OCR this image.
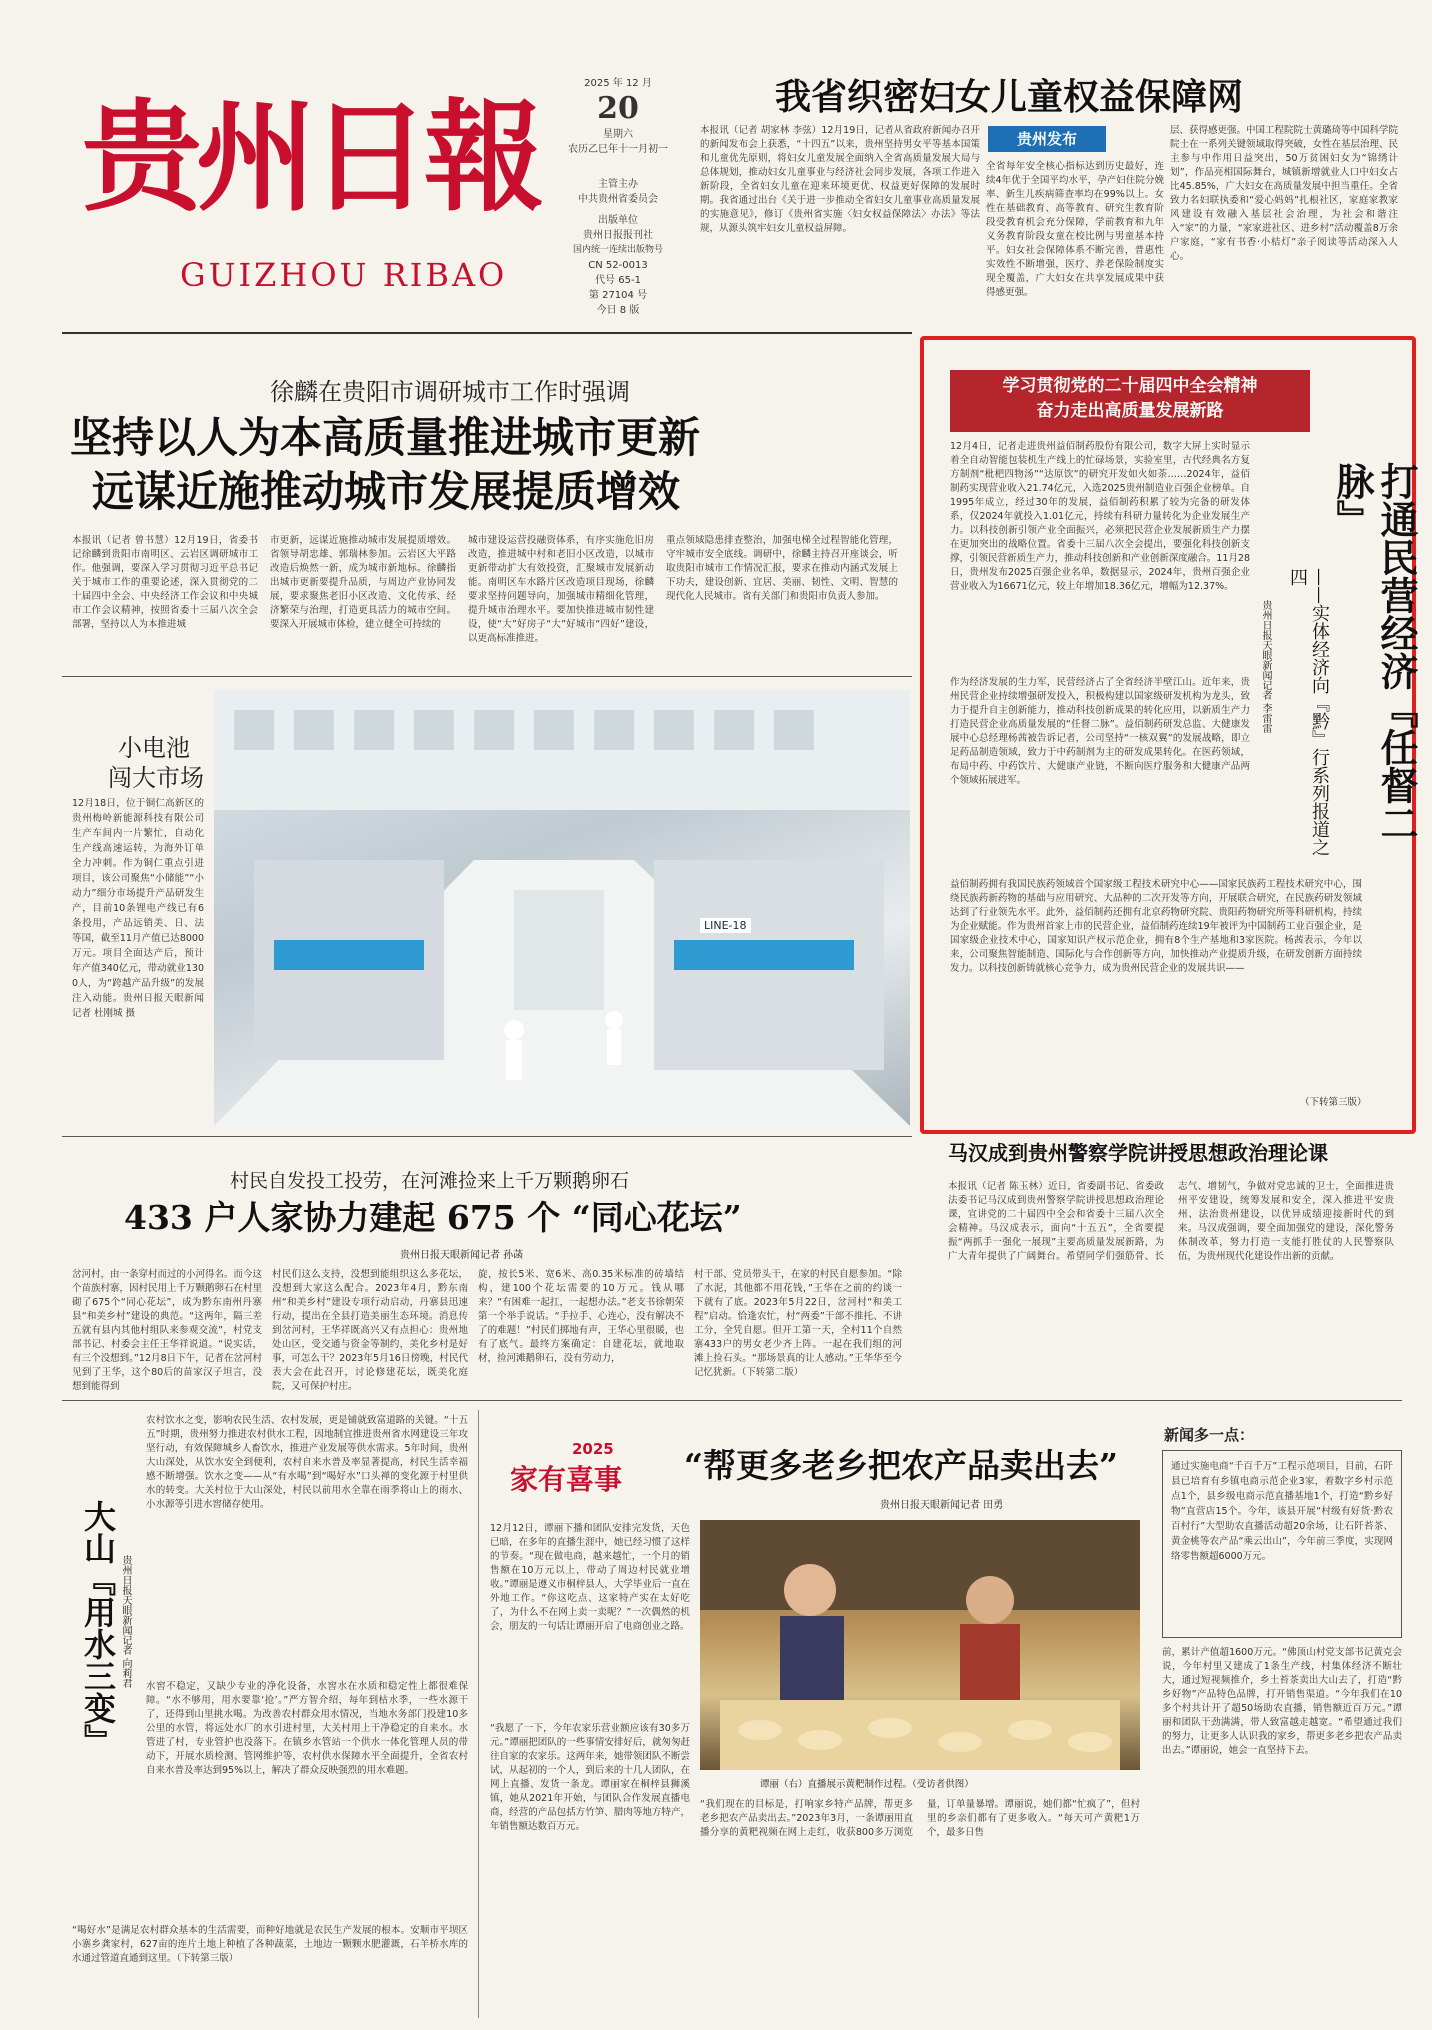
贵州日報
GUIZHOU RIBAO
2025 年 12 月
20
星期六
农历乙巳年十一月初一
主管主办
中共贵州省委员会
出版单位
贵州日报报刊社
国内统一连续出版物号
CN 52-0013
代号 65-1
第 27104 号
今日 8 版
我省织密妇女儿童权益保障网
贵州发布
本报讯（记者 胡家林 李弦）12月19日，记者从省政府新闻办召开的新闻发布会上获悉，“十四五”以来，贵州坚持男女平等基本国策和儿童优先原则，将妇女儿童发展全面纳入全省高质量发展大局与总体规划，推动妇女儿童事业与经济社会同步发展，各项工作进入新阶段，全省妇女儿童在迎来环境更优、权益更好保障的发展时期。我省通过出台《关于进一步推动全省妇女儿童事业高质量发展的实施意见》，修订《贵州省实施〈妇女权益保障法〉办法》等法规，从源头筑牢妇女儿童权益屏障。
全省每年安全核心指标达到历史最好，连续4年优于全国平均水平，孕产妇住院分娩率、新生儿疾病筛查率均在99%以上。女性在基础教育、高等教育、研究生教育阶段受教育机会充分保障，学前教育和九年义务教育阶段女童在校比例与男童基本持平。妇女社会保障体系不断完善，普惠性实效性不断增强，医疗、养老保险制度实现全覆盖，广大妇女在共享发展成果中获得感更强。
层、获得感更强。中国工程院院士黄璐琦等中国科学院院士在一系列关键领域取得突破，女性在基层治理、民主参与中作用日益突出，50万贫困妇女为“锦绣计划”，作品亮相国际舞台，城镇新增就业人口中妇女占比45.85%，广大妇女在高质量发展中担当重任。全省致力名妇联执委和“爱心妈妈”扎根社区，家庭家教家风建设有效融入基层社会治理，为社会和谐注入“家”的力量，“家家进社区、进乡村”活动覆盖8万余户家庭，“家有书香·小桔灯”亲子阅读等活动深入人心。
徐麟在贵阳市调研城市工作时强调
坚持以人为本高质量推进城市更新
远谋近施推动城市发展提质增效
本报讯（记者 曾书慧）12月19日，省委书记徐麟到贵阳市南明区、云岩区调研城市工作。他强调，要深入学习贯彻习近平总书记关于城市工作的重要论述，深入贯彻党的二十届四中全会、中央经济工作会议和中央城市工作会议精神，按照省委十三届八次全会部署，坚持以人为本推进城
市更新，远谋近施推动城市发展提质增效。省领导胡忠雄、郭瑞林参加。云岩区大平路改造后焕然一新，成为城市新地标。徐麟指出城市更新要提升品质，与周边产业协同发展，要求聚焦老旧小区改造、文化传承、经济繁荣与治理，打造更具活力的城市空间。要深入开展城市体检，建立健全可持续的
城市建设运营投融资体系，有序实施危旧房改造，推进城中村和老旧小区改造，以城市更新带动扩大有效投资，汇聚城市发展新动能。南明区车水路片区改造项目现场，徐麟要求坚持问题导向，加强城市精细化管理，提升城市治理水平。要加快推进城市韧性建设，使“大”好房子“大”好城市“四好”建设，以更高标准推进。
重点领域隐患排查整治，加强电梯全过程智能化管理，守牢城市安全底线。调研中，徐麟主持召开座谈会，听取贵阳市城市工作情况汇报，要求在推动内涵式发展上下功夫，建设创新、宜居、美丽、韧性、文明、智慧的现代化人民城市。省有关部门和贵阳市负责人参加。
小电池
闯大市场
12月18日，位于铜仁高新区的贵州梅岭新能源科技有限公司生产车间内一片繁忙，自动化生产线高速运转，为海外订单全力冲刺。作为铜仁重点引进项目，该公司聚焦“小储能”“小动力”细分市场提升产品研发生产，目前10条锂电产线已有6条投用，产品远销美、日、法等国，截至11月产值已达8000万元。项目全面达产后，预计年产值340亿元，带动就业1300人，为“跨越产品升级”的发展注入动能。贵州日报天眼新闻记者 杜刚城 摄
LINE-18
学习贯彻党的二十届四中全会精神
奋力走出高质量发展新路
12月4日，记者走进贵州益佰制药股份有限公司，数字大屏上实时显示着全自动智能包装机生产线上的忙碌场景，实验室里，古代经典名方复方制剂“枇杷四物汤”“达原饮”的研究开发如火如荼……2024年，益佰制药实现营业收入21.74亿元，入选2025贵州制造业百强企业榜单。自1995年成立，经过30年的发展，益佰制药积累了较为完备的研发体系，仅2024年就投入1.01亿元，持续有科研力量转化为企业发展生产力。以科技创新引领产业全面振兴，必须把民营企业发展新质生产力摆在更加突出的战略位置。省委十三届八次全会提出，要强化科技创新支撑，引领民营新质生产力，推动科技创新和产业创新深度融合。11月28日，贵州发布2025百强企业名单，数据显示，2024年，贵州百强企业营业收入为16671亿元，较上年增加18.36亿元，增幅为12.37%。
作为经济发展的生力军，民营经济占了全省经济半壁江山。近年来，贵州民营企业持续增强研发投入，积极构建以国家级研发机构为龙头，致力于提升自主创新能力，推动科技创新成果的转化应用，以新质生产力打造民营企业高质量发展的“任督二脉”。益佰制药研发总监、大健康发展中心总经理杨茜被告诉记者，公司坚持“一核双翼”的发展战略，即立足药品制造领域，致力于中药制剂为主的研发成果转化。在医药领域，布局中药、中药饮片、大健康产业链，不断向医疗服务和大健康产品两个领域拓展进军。
益佰制药拥有我国民族药领域首个国家级工程技术研究中心——国家民族药工程技术研究中心，围绕民族药新药物的基础与应用研究、大品种的二次开发等方向，开展联合研究，在民族药研发领域达到了行业领先水平。此外，益佰制药还拥有北京药物研究院、贵阳药物研究所等科研机构，持续为企业赋能。作为贵州首家上市的民营企业，益佰制药连续19年被评为中国制药工业百强企业，是国家级企业技术中心，国家知识产权示范企业，拥有8个生产基地和3家医院。杨茜表示，今年以来，公司聚焦智能制造、国际化与合作创新等方向，加快推动产业提质升级，在研发创新方面持续发力。以科技创新铸就核心竞争力，成为贵州民营企业的发展共识——
（下转第三版）
打通民营经济『任督二脉』
——实体经济向『黔』行系列报道之四
贵州日报天眼新闻记者 李雷雷
马汉成到贵州警察学院讲授思想政治理论课
本报讯（记者 陈玉林）近日，省委副书记、省委政法委书记马汉成到贵州警察学院讲授思想政治理论课，宣讲党的二十届四中全会和省委十三届八次全会精神。马汉成表示，面向“十五五”，全省要提振“两抓手一强化一展现”主要高质量发展新路，为广大青年提供了广阔舞台。希望同学们强筋骨、长志气、增韧气，争做对党忠诚的卫士，全面推进贵州平安建设，统筹发展和安全，深入推进平安贵州、法治贵州建设，以优异成绩迎接新时代的到来。马汉成强调，要全面加强党的建设，深化警务体制改革，努力打造一支能打胜仗的人民警察队伍，为贵州现代化建设作出新的贡献。
村民自发投工投劳，在河滩捡来上千万颗鹅卵石
433 户人家协力建起 675 个 “同心花坛”
贵州日报天眼新闻记者 孙菡
岔河村，由一条穿村而过的小河得名。而今这个苗族村寨，因村民用上千万颗鹅卵石在村里砌了675个“同心花坛”，成为黔东南州丹寨县“和美乡村”建设的典范。“这两年，隔三差五就有县内其他村组队来参观交流”，村党支部书记、村委会主任王华祥说道。“说实话，有三个没想到。”12月8日下午，记者在岔河村见到了王华，这个80后的苗家汉子坦言，没想到能得到
村民们这么支持，没想到能组织这么多花坛，没想到大家这么配合。2023年4月，黔东南州“和美乡村”建设专项行动启动，丹寨县迅速行动，提出在全县打造美丽生态环境。消息传到岔河村，王华祥既高兴又有点担心：贵州地处山区，受交通与资金等制约，美化乡村是好事，可怎么干？2023年5月16日傍晚，村民代表大会在此召开，讨论修建花坛，既美化庭院，又可保护村庄。
旋，按长5米、宽6米、高0.35米标准的砖墙结构，建100个花坛需要的10万元。钱从哪来？“有困难一起扛，一起想办法。”老支书徐朝荣第一个举手说话。“手拉手、心连心，没有解决不了的难题！”村民们掷地有声，王华心里很暖，也有了底气。最终方案确定：自建花坛，就地取材，捡河滩鹅卵石，没有劳动力，
村干部、党员带头干，在家的村民自愿参加。“除了水泥，其他都不用花钱，”王华在之前的约谈一下就有了底。2023年5月22日，岔河村“和美工程”启动。恰逢农忙，村“两委”干部不推托、不讲工分，全凭自愿。但开工第一天，全村11个自然寨433户的男女老少齐上阵。一起在我们组的河滩上捡石头。“那场景真的让人感动。”王华华至今记忆犹新。（下转第二版）
大山『用水三变』 贵州日报天眼新闻记者 向莉君
农村饮水之变，影响农民生活、农村发展，更是铺就致富道路的关键。“十五五”时期，贵州努力推进农村供水工程，因地制宜推进贵州省水网建设三年攻坚行动，有效保障城乡人畜饮水，推进产业发展等供水需求。5年时间，贵州大山深处，从饮水安全到便利，农村自来水普及率显著提高，村民生活幸福感不断增强。饮水之变——从“有水喝”到“喝好水”口头禅的变化源于村里供水的转变。大关村位于大山深处，村民以前用水全靠在雨季将山上的雨水、小水源等引进水窖储存使用。
水窖不稳定，又缺少专业的净化设备，水窖水在水质和稳定性上都很难保障。“水不够用，用水要靠‘抢’。”严方智介绍，每年到枯水季，一些水源干了，还得到山里挑水喝。为改善农村群众用水情况，当地水务部门投建10多公里的水管，将远处水厂的水引进村里，大关村用上干净稳定的自来水。水管进了村，专业管护也没落下。在镇乡水管站一个供水一体化管理人员的带动下，开展水质检测、管网维护等，农村供水保障水平全面提升，全省农村自来水普及率达到95%以上，解决了群众反映强烈的用水难题。
“喝好水”是满足农村群众基本的生活需要，而种好地就是农民生产发展的根本。安顺市平坝区小寨乡龚家村，627亩的连片土地上种植了各种蔬菜，土地边一颗颗水肥灌溉，石羊桥水库的水通过管道直通到这里。（下转第三版）
2025
家有喜事 “帮更多老乡把农产品卖出去”
贵州日报天眼新闻记者 田勇
12月12日，谭丽下播和团队安排完发货，天色已暗，在多年的直播生涯中，她已经习惯了这样的节奏。“现在做电商，越来越忙，一个月的销售额在10万元以上，带动了周边村民就业增收。”谭丽是遵义市桐梓县人，大学毕业后一直在外地工作。“你这吃点、这家特产实在太好吃了，为什么不在网上卖一卖呢？”一次偶然的机会，朋友的一句话让谭丽开启了电商创业之路。
谭丽（右）直播展示黄粑制作过程。（受访者供图）
“我愿了一下，今年农家乐营业额应该有30多万元。”谭丽把团队的一些事情安排好后，就匆匆赶往自家的农家乐。这两年来，她带领团队不断尝试，从起初的一个人，到后来的十几人团队，在网上直播、发货一条龙。谭丽家在桐梓县狮溪镇，她从2021年开始，与团队合作发展直播电商，经营的产品包括方竹笋、腊肉等地方特产，年销售额达数百万元。
“我们现在的目标是，打响家乡特产品牌，帮更多老乡把农产品卖出去。”2023年3月，一条谭丽用直播分享的黄粑视频在网上走红，收获800多万浏览量，订单量暴增。谭丽说，她们都“忙疯了”，但村里的乡亲们都有了更多收入。“每天可产黄粑1万个，最多日售
新闻多一点：
通过实施电商“千百千万”工程示范项目，目前，石阡县已培育有乡镇电商示范企业3家，着数字乡村示范点1个，县乡级电商示范直播基地1个，打造“黔乡好物”直营店15个。今年，该县开展“村级有好货·黔农百村行”大型助农直播活动超20余场，让石阡苔茶、黄金桃等农产品“乘云出山”，今年前三季度，实现网络零售额超6000万元。
前，累计产值超1600万元。“佛顶山村党支部书记黄克会说，今年村里又建成了1条生产线，村集体经济不断壮大，通过短视频推介，乡土苔茶卖出大山去了，打造“黔乡好物”产品特色品牌，打开销售渠道。“今年我们在10多个村共计开了超50场助农直播，销售额近百万元。”谭丽和团队干劲满满，带人致富越走越宽。“希望通过我们的努力，让更多人认识我的家乡，帮更多老乡把农产品卖出去。”谭丽说，她会一直坚持下去。
